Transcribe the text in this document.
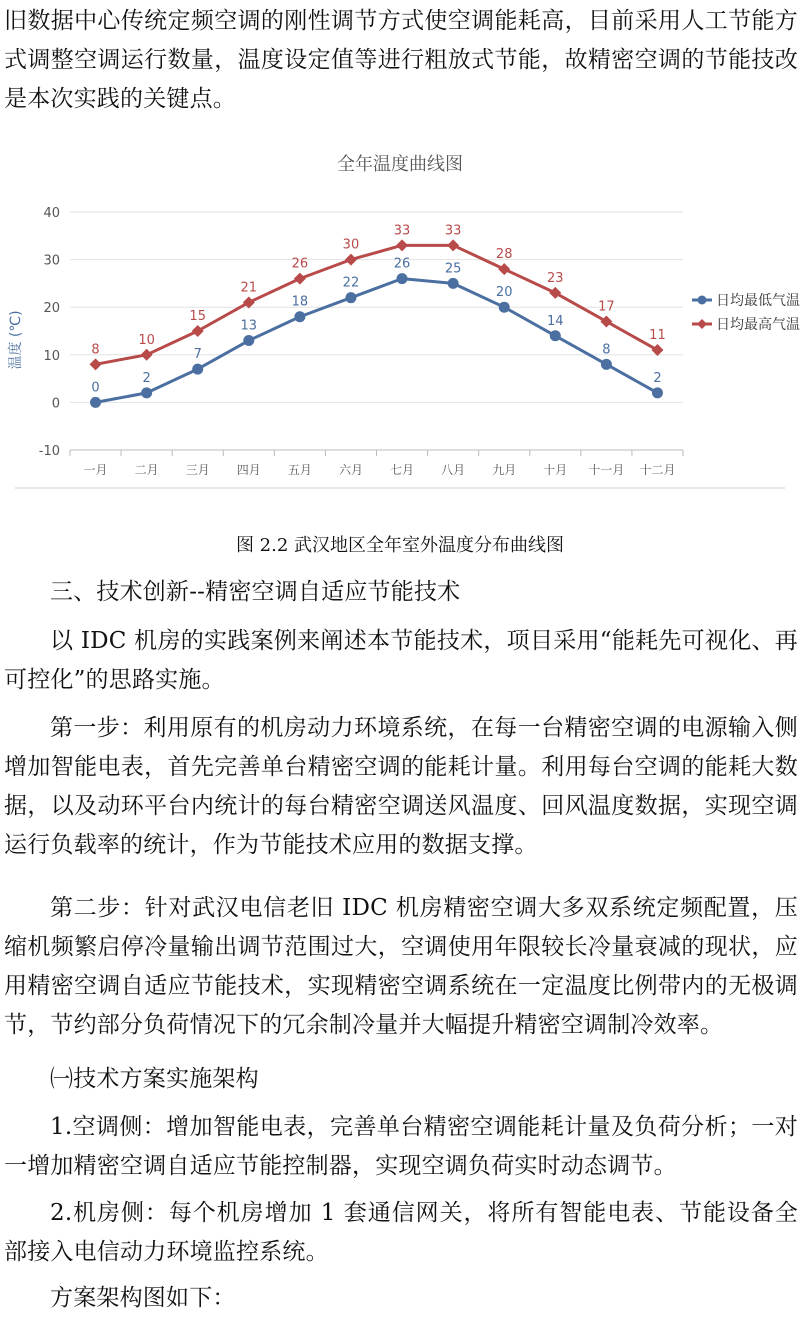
旧数据中心传统定频空调的刚性调节方式使空调能耗高，目前采用人工节能方式调整空调运行数量，温度设定值等进行粗放式节能，故精密空调的节能技改是本次实践的关键点。

全年温度曲线图
-10
0
10
20
30
40
一月 二月 三月 四月 五月 六月 七月 八月 九月 十月 十一月 十二月
0
2
7
13
18
22
26	25
20
14
8
2
8
10
15
21
26
30
33	33
28
23
17
11
日均最低气温
日均最高气温
温度 (℃)
图 2.2 武汉地区全年室外温度分布曲线图

三、技术创新--精密空调自适应节能技术

以 IDC 机房的实践案例来阐述本节能技术，项目采用“能耗先可视化、再可控化”的思路实施。

第一步：利用原有的机房动力环境系统，在每一台精密空调的电源输入侧增加智能电表，首先完善单台精密空调的能耗计量。利用每台空调的能耗大数据，以及动环平台内统计的每台精密空调送风温度、回风温度数据，实现空调运行负载率的统计，作为节能技术应用的数据支撑。

第二步：针对武汉电信老旧 IDC 机房精密空调大多双系统定频配置，压缩机频繁启停冷量输出调节范围过大，空调使用年限较长冷量衰减的现状，应用精密空调自适应节能技术，实现精密空调系统在一定温度比例带内的无极调节，节约部分负荷情况下的冗余制冷量并大幅提升精密空调制冷效率。

㈠技术方案实施架构

1.空调侧：增加智能电表，完善单台精密空调能耗计量及负荷分析；一对一增加精密空调自适应节能控制器，实现空调负荷实时动态调节。

2.机房侧：每个机房增加 1 套通信网关，将所有智能电表、节能设备全部接入电信动力环境监控系统。

方案架构图如下：
